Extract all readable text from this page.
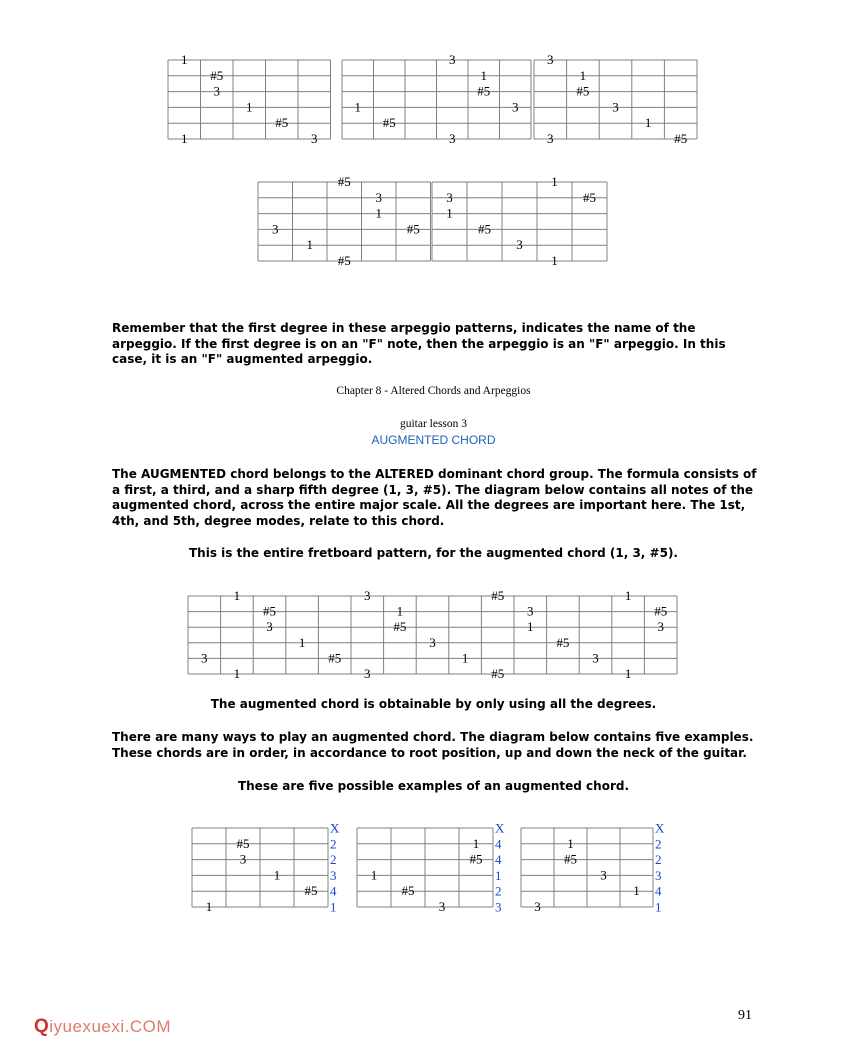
1
#5
3
1
#5
1	3
3
1
#5
1	3
#5
3
3
1
#5
3
1
3	#5
#5
3
1
#5
3
1
#5
1
3	#5
1
#5
3
1

Remember that the first degree in these arpeggio patterns, indicates the name of the arpeggio. If the first degree is on an "F" note, then the arpeggio is an "F" arpeggio. In this case, it is an "F" augmented arpeggio.

Chapter 8 - Altered Chords and Arpeggios

guitar lesson 3

AUGMENTED CHORD

The AUGMENTED chord belongs to the ALTERED dominant chord group. The formula consists of a first, a third, and a sharp fifth degree (1, 3, #5). The diagram below contains all notes of the augmented chord, across the entire major scale. All the degrees are important here. The 1st, 4th, and 5th, degree modes, relate to this chord.

This is the entire fretboard pattern, for the augmented chord (1, 3, #5).

1	3	#5	1
#5	1	3	#5
3	#5	1	3
1	3	#5
3	#5	1	3
1	3	#5	1

The augmented chord is obtainable by only using all the degrees.

There are many ways to play an augmented chord. The diagram below contains five examples. These chords are in order, in accordance to root position, up and down the neck of the guitar.

These are five possible examples of an augmented chord.

#5
3
1
#5
1
X
2
2
3
4
1
1
#5
1
#5
3
X
4
4
1
2
3
1
#5
3
1
3
X
2
2
3
4
1

91

Qiyuexuexi.COM
